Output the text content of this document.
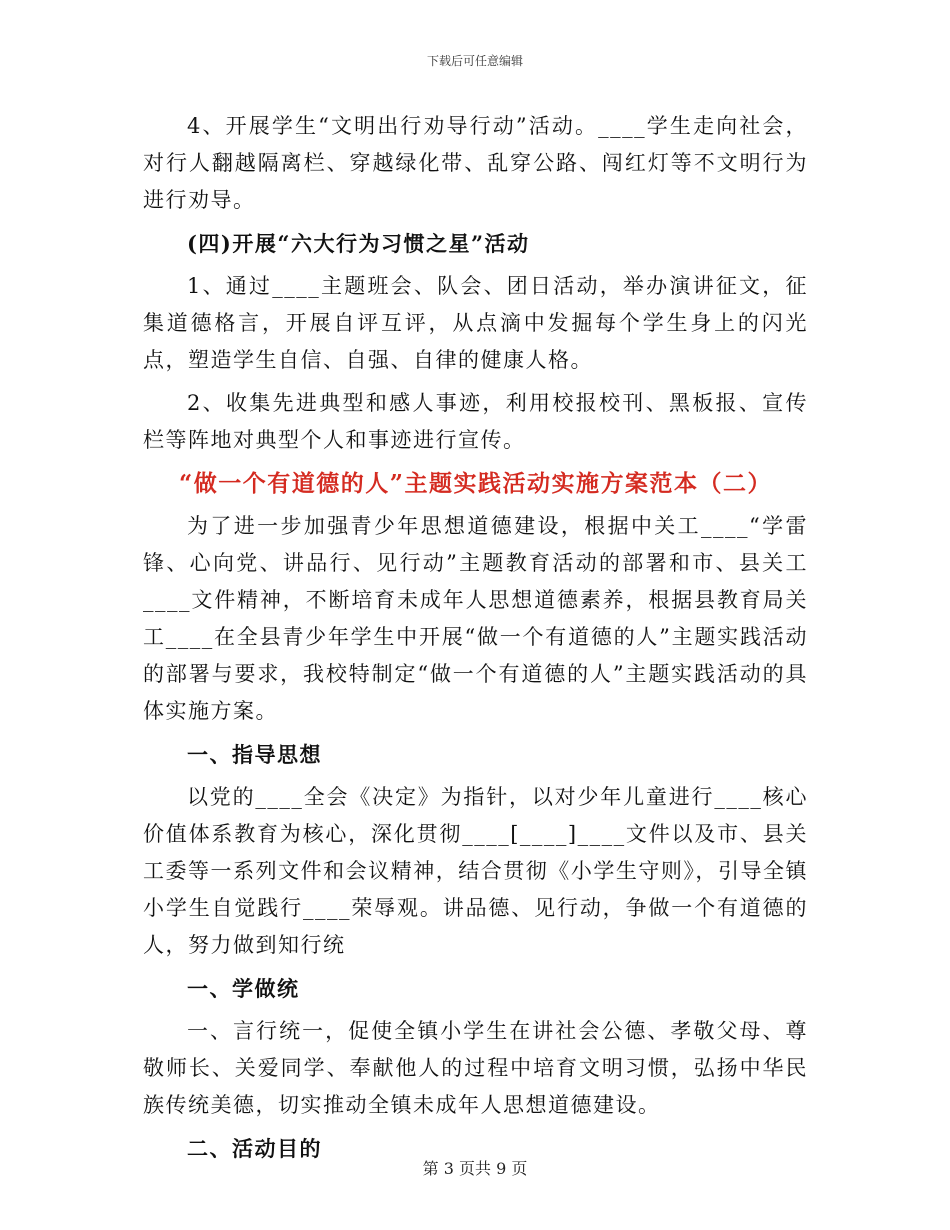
下载后可任意编辑

4、开展学生“文明出行劝导行动”活动。____学生走向社会，对行人翻越隔离栏、穿越绿化带、乱穿公路、闯红灯等不文明行为进行劝导。

(四)开展“六大行为习惯之星”活动

1、通过____主题班会、队会、团日活动，举办演讲征文，征集道德格言，开展自评互评，从点滴中发掘每个学生身上的闪光点，塑造学生自信、自强、自律的健康人格。

2、收集先进典型和感人事迹，利用校报校刊、黑板报、宣传栏等阵地对典型个人和事迹进行宣传。

“做一个有道德的人”主题实践活动实施方案范本（二）

为了进一步加强青少年思想道德建设，根据中关工____“学雷锋、心向党、讲品行、见行动”主题教育活动的部署和市、县关工____文件精神，不断培育未成年人思想道德素养，根据县教育局关工____在全县青少年学生中开展“做一个有道德的人”主题实践活动的部署与要求，我校特制定“做一个有道德的人”主题实践活动的具体实施方案。

一、指导思想

以党的____全会《决定》为指针，以对少年儿童进行____核心价值体系教育为核心，深化贯彻____[____]____文件以及市、县关工委等一系列文件和会议精神，结合贯彻《小学生守则》，引导全镇小学生自觉践行____荣辱观。讲品德、见行动，争做一个有道德的人，努力做到知行统

一、学做统

一、言行统一，促使全镇小学生在讲社会公德、孝敬父母、尊敬师长、关爱同学、奉献他人的过程中培育文明习惯，弘扬中华民族传统美德，切实推动全镇未成年人思想道德建设。

二、活动目的

第 3 页共 9 页
